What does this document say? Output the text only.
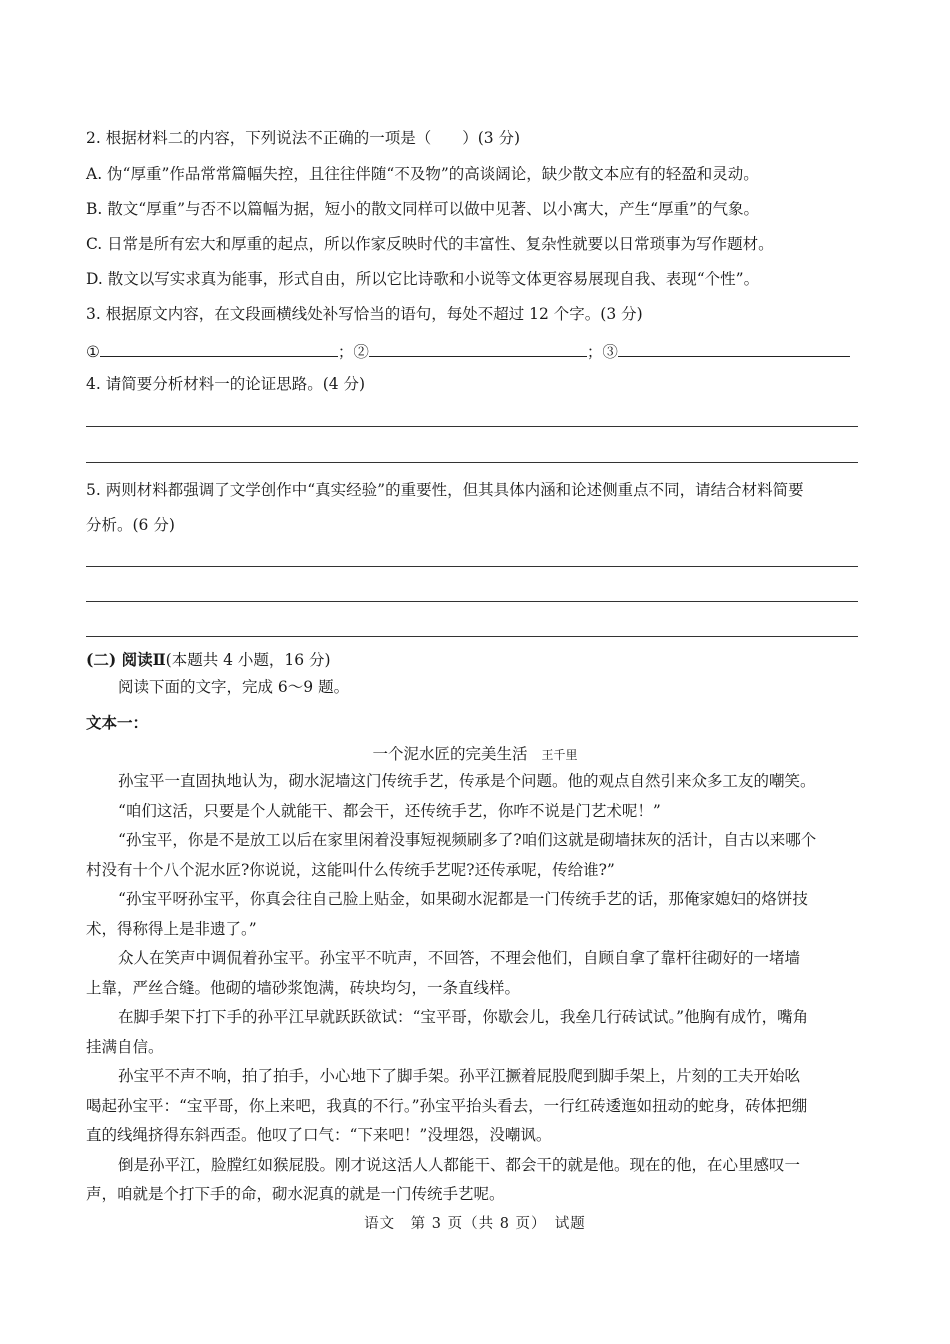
2. 根据材料二的内容，下列说法不正确的一项是（　　）(3 分)
A. 伪“厚重”作品常常篇幅失控，且往往伴随“不及物”的高谈阔论，缺少散文本应有的轻盈和灵动。
B. 散文“厚重”与否不以篇幅为据，短小的散文同样可以做中见著、以小寓大，产生“厚重”的气象。
C. 日常是所有宏大和厚重的起点，所以作家反映时代的丰富性、复杂性就要以日常琐事为写作题材。
D. 散文以写实求真为能事，形式自由，所以它比诗歌和小说等文体更容易展现自我、表现“个性”。
3. 根据原文内容，在文段画横线处补写恰当的语句，每处不超过 12 个字。(3 分)
①	；②	；③
4. 请简要分析材料一的论证思路。(4 分)
5. 两则材料都强调了文学创作中“真实经验”的重要性，但其具体内涵和论述侧重点不同，请结合材料简要
分析。(6 分)
(二) 阅读Ⅱ(本题共 4 小题，16 分)
阅读下面的文字，完成 6～9 题。
文本一：
一个泥水匠的完美生活 王千里
孙宝平一直固执地认为，砌水泥墙这门传统手艺，传承是个问题。他的观点自然引来众多工友的嘲笑。
“咱们这活，只要是个人就能干、都会干，还传统手艺，你咋不说是门艺术呢！”
“孙宝平，你是不是放工以后在家里闲着没事短视频刷多了?咱们这就是砌墙抹灰的活计，自古以来哪个
村没有十个八个泥水匠?你说说，这能叫什么传统手艺呢?还传承呢，传给谁?”
“孙宝平呀孙宝平，你真会往自己脸上贴金，如果砌水泥都是一门传统手艺的话，那俺家媳妇的烙饼技
术，得称得上是非遗了。”
众人在笑声中调侃着孙宝平。孙宝平不吭声，不回答，不理会他们，自顾自拿了靠杆往砌好的一堵墙
上靠，严丝合缝。他砌的墙砂浆饱满，砖块均匀，一条直线样。
在脚手架下打下手的孙平江早就跃跃欲试：“宝平哥，你歇会儿，我垒几行砖试试。”他胸有成竹，嘴角
挂满自信。
孙宝平不声不响，拍了拍手，小心地下了脚手架。孙平江撅着屁股爬到脚手架上，片刻的工夫开始吆
喝起孙宝平：“宝平哥，你上来吧，我真的不行。”孙宝平抬头看去，一行红砖逶迤如扭动的蛇身，砖体把绷
直的线绳挤得东斜西歪。他叹了口气：“下来吧！”没埋怨，没嘲讽。
倒是孙平江，脸膛红如猴屁股。刚才说这活人人都能干、都会干的就是他。现在的他，在心里感叹一
声，咱就是个打下手的命，砌水泥真的就是一门传统手艺呢。
语文　第 3 页（共 8 页）　试题
